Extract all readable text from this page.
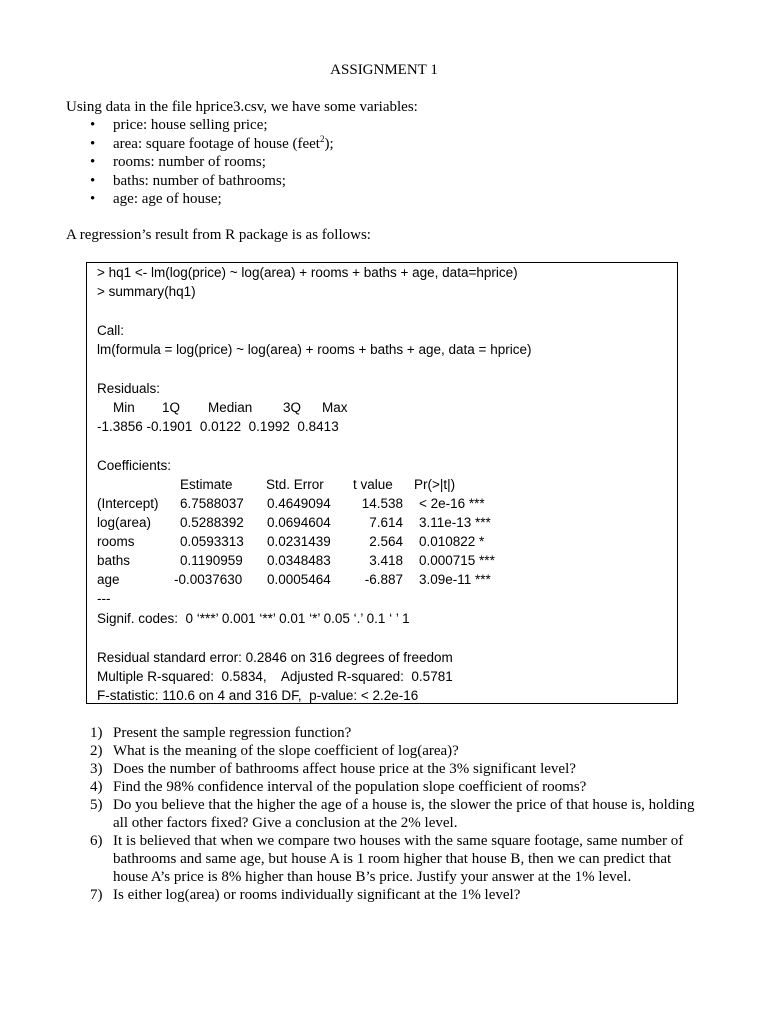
ASSIGNMENT 1
Using data in the file hprice3.csv, we have some variables:
• price: house selling price;
• area: square footage of house (feet$^2$);
• rooms: number of rooms;
• baths: number of bathrooms;
• age: age of house;
A regression’s result from R package is as follows:
> hq1 <- lm(log(price) ~ log(area) + rooms + baths + age, data=hprice)
> summary(hq1)
Call:
lm(formula = log(price) ~ log(area) + rooms + baths + age, data = hprice)
Residuals:
Min 1Q Median 3Q Max
-1.3856 -0.1901  0.0122  0.1992  0.8413
Coefficients:
Estimate Std. Error t value Pr(>|t|)
(Intercept) 6.7588037 0.4649094	14.538 < 2e-16 ***
log(area) 0.5288392 0.0694604	7.614 3.11e-13 ***
rooms	0.0593313 0.0231439	2.564 0.010822 *
baths	0.1190959 0.0348483	3.418 0.000715 ***
age	-0.0037630 0.0005464	-6.887 3.09e-11 ***
---
Signif. codes:  0 ‘***’ 0.001 ‘**’ 0.01 ‘*’ 0.05 ‘.’ 0.1 ‘ ’ 1
Residual standard error: 0.2846 on 316 degrees of freedom
Multiple R-squared:  0.5834,    Adjusted R-squared:  0.5781
F-statistic: 110.6 on 4 and 316 DF,  p-value: < 2.2e-16
1) Present the sample regression function?
2) What is the meaning of the slope coefficient of log(area)?
3) Does the number of bathrooms affect house price at the 3% significant level?
4) Find the 98% confidence interval of the population slope coefficient of rooms?
5) Do you believe that the higher the age of a house is, the slower the price of that house is, holding all other factors fixed? Give a conclusion at the 2% level.
6) It is believed that when we compare two houses with the same square footage, same number of bathrooms and same age, but house A is 1 room higher that house B, then we can predict that house A’s price is 8% higher than house B’s price. Justify your answer at the 1% level.
7) Is either log(area) or rooms individually significant at the 1% level?
